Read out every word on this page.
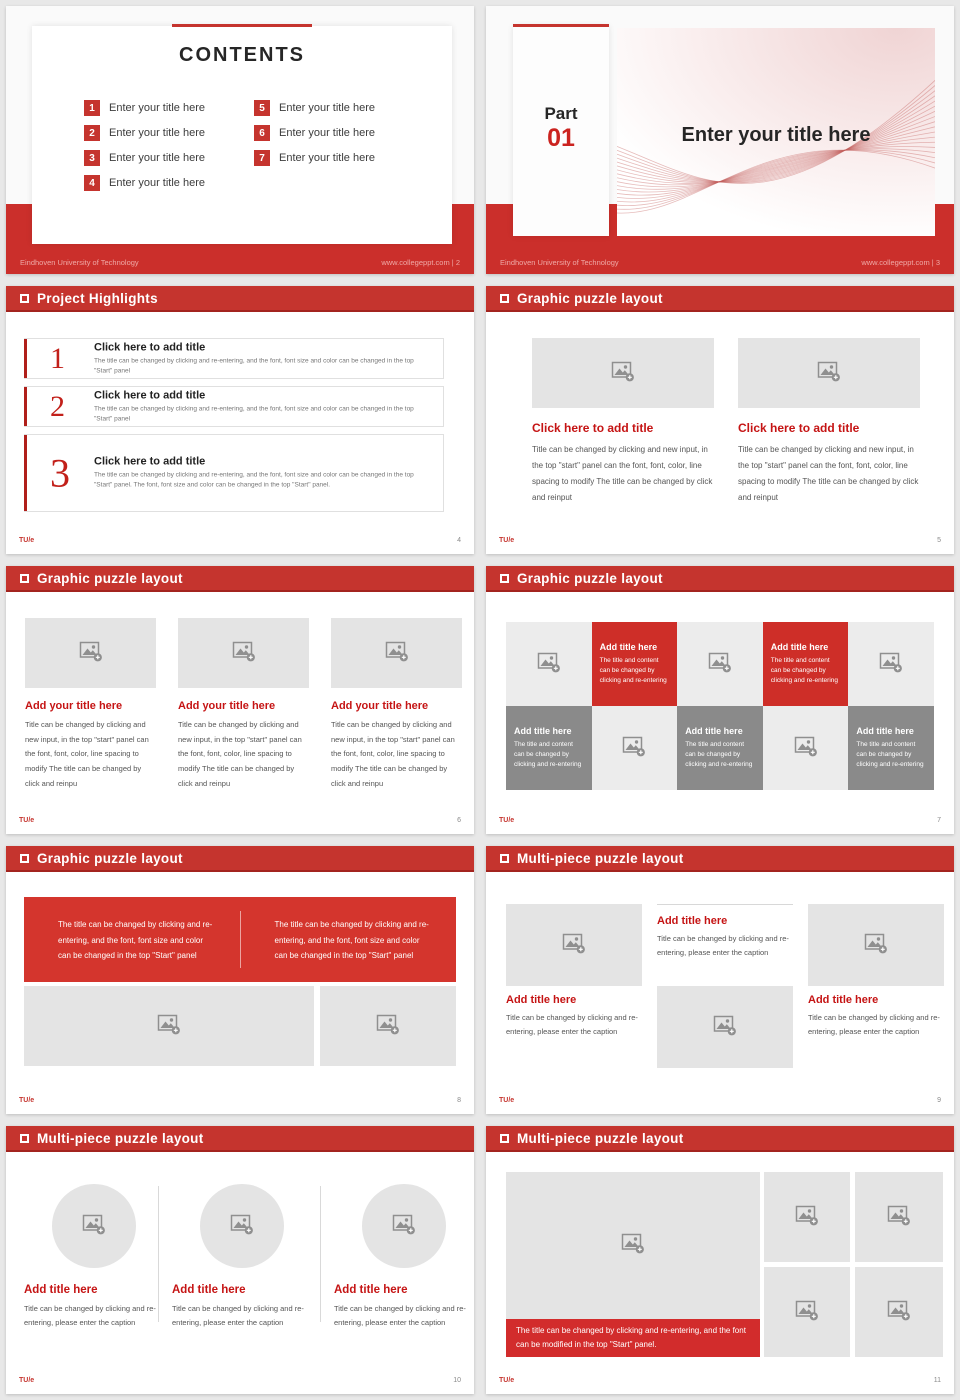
CONTENTS
1	Enter your title here
2	Enter your title here
3	Enter your title here
4	Enter your title here
5	Enter your title here
6	Enter your title here
7	Enter your title here
Eindhoven University of Technology	www.collegeppt.com | 2
Enter your title here

Part

01

Eindhoven University of Technology	www.collegeppt.com | 3
Project Highlights
1	Click here to add title
The title can be changed by clicking and re-entering, and the font, font size and color can be changed in the top "Start" panel
2	Click here to add title
The title can be changed by clicking and re-entering, and the font, font size and color can be changed in the top "Start" panel
3 Click here to add title
The title can be changed by clicking and re-entering, and the font, font size and color can be changed in the top "Start" panel. The font, font size and color can be changed in the top "Start" panel.
TU/e	4
Graphic puzzle layout
Click here to add title
Title can be changed by clicking and new input, in the top "start" panel can the font, font, color, line spacing to modify The title can be changed by click and reinput
Click here to add title
Title can be changed by clicking and new input, in the top "start" panel can the font, font, color, line spacing to modify The title can be changed by click and reinput
TU/e	5
Graphic puzzle layout
Add your title here
Title can be changed by clicking and new input, in the top "start" panel can the font, font, color, line spacing to modify The title can be changed by click and reinpu
Add your title here
Title can be changed by clicking and new input, in the top "start" panel can the font, font, color, line spacing to modify The title can be changed by click and reinpu
Add your title here
Title can be changed by clicking and new input, in the top "start" panel can the font, font, color, line spacing to modify The title can be changed by click and reinpu
TU/e	6
Graphic puzzle layout
Add title here
The title and content can be changed by clicking and re-entering
Add title here
The title and content can be changed by clicking and re-entering
Add title here
The title and content can be changed by clicking and re-entering
Add title here
The title and content can be changed by clicking and re-entering
Add title here
The title and content can be changed by clicking and re-entering
TU/e	7
Graphic puzzle layout
The title can be changed by clicking and re-entering, and the font, font size and color can be changed in the top "Start" panel
The title can be changed by clicking and re-entering, and the font, font size and color can be changed in the top "Start" panel
TU/e	8
Multi-piece puzzle layout
Add title here
Title can be changed by clicking and re-entering, please enter the caption
Add title here
Title can be changed by clicking and re-entering, please enter the caption
Add title here
Title can be changed by clicking and re-entering, please enter the caption
TU/e	9
Multi-piece puzzle layout
Add title here
Title can be changed by clicking and re-entering, please enter the caption
Add title here
Title can be changed by clicking and re-entering, please enter the caption
Add title here
Title can be changed by clicking and re-entering, please enter the caption
TU/e	10
Multi-piece puzzle layout
The title can be changed by clicking and re-entering, and the font can be modified in the top "Start" panel.
TU/e	11
